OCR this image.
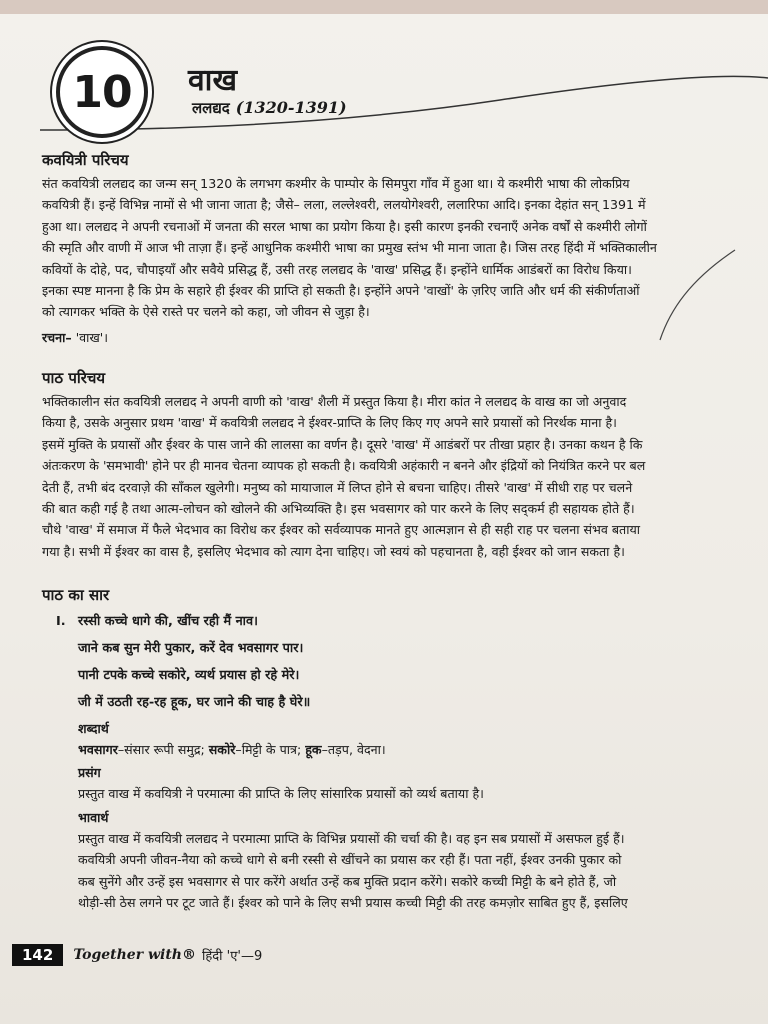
10 वाख
ललद्यद (1320-1391)
कवयित्री परिचय
संत कवयित्री ललद्यद का जन्म सन् 1320 के लगभग कश्मीर के पाम्पोर के सिमपुरा गाँव में हुआ था। ये कश्मीरी भाषा की लोकप्रिय
कवयित्री हैं। इन्हें विभिन्न नामों से भी जाना जाता है; जैसे– लला, लल्लेश्वरी, ललयोगेश्वरी, ललारिफा आदि। इनका देहांत सन् 1391 में
हुआ था। ललद्यद ने अपनी रचनाओं में जनता की सरल भाषा का प्रयोग किया है। इसी कारण इनकी रचनाएँ अनेक वर्षों से कश्मीरी लोगों
की स्मृति और वाणी में आज भी ताज़ा हैं। इन्हें आधुनिक कश्मीरी भाषा का प्रमुख स्तंभ भी माना जाता है। जिस तरह हिंदी में भक्तिकालीन
कवियों के दोहे, पद, चौपाइयाँ और सवैये प्रसिद्ध हैं, उसी तरह ललद्यद के 'वाख' प्रसिद्ध हैं। इन्होंने धार्मिक आडंबरों का विरोध किया।
इनका स्पष्ट मानना है कि प्रेम के सहारे ही ईश्वर की प्राप्ति हो सकती है। इन्होंने अपने 'वाखों' के ज़रिए जाति और धर्म की संकीर्णताओं
को त्यागकर भक्ति के ऐसे रास्ते पर चलने को कहा, जो जीवन से जुड़ा है।
रचना– 'वाख'।
पाठ परिचय
भक्तिकालीन संत कवयित्री ललद्यद ने अपनी वाणी को 'वाख' शैली में प्रस्तुत किया है। मीरा कांत ने ललद्यद के वाख का जो अनुवाद
किया है, उसके अनुसार प्रथम 'वाख' में कवयित्री ललद्यद ने ईश्वर-प्राप्ति के लिए किए गए अपने सारे प्रयासों को निरर्थक माना है।
इसमें मुक्ति के प्रयासों और ईश्वर के पास जाने की लालसा का वर्णन है। दूसरे 'वाख' में आडंबरों पर तीखा प्रहार है। उनका कथन है कि
अंतःकरण के 'समभावी' होने पर ही मानव चेतना व्यापक हो सकती है। कवयित्री अहंकारी न बनने और इंद्रियों को नियंत्रित करने पर बल
देती हैं, तभी बंद दरवाज़े की साँकल खुलेगी। मनुष्य को मायाजाल में लिप्त होने से बचना चाहिए। तीसरे 'वाख' में सीधी राह पर चलने
की बात कही गई है तथा आत्म-लोचन को खोलने की अभिव्यक्ति है। इस भवसागर को पार करने के लिए सद्कर्म ही सहायक होते हैं।
चौथे 'वाख' में समाज में फैले भेदभाव का विरोध कर ईश्वर को सर्वव्यापक मानते हुए आत्मज्ञान से ही सही राह पर चलना संभव बताया
गया है। सभी में ईश्वर का वास है, इसलिए भेदभाव को त्याग देना चाहिए। जो स्वयं को पहचानता है, वही ईश्वर को जान सकता है।
पाठ का सार
I. रस्सी कच्चे धागे की, खींच रही मैं नाव।
जाने कब सुन मेरी पुकार, करें देव भवसागर पार।
पानी टपके कच्चे सकोरे, व्यर्थ प्रयास हो रहे मेरे।
जी में उठती रह-रह हूक, घर जाने की चाह है घेरे॥
शब्दार्थ
भवसागर–संसार रूपी समुद्र; सकोरे–मिट्टी के पात्र; हूक–तड़प, वेदना।
प्रसंग
प्रस्तुत वाख में कवयित्री ने परमात्मा की प्राप्ति के लिए सांसारिक प्रयासों को व्यर्थ बताया है।
भावार्थ
प्रस्तुत वाख में कवयित्री ललद्यद ने परमात्मा प्राप्ति के विभिन्न प्रयासों की चर्चा की है। वह इन सब प्रयासों में असफल हुई हैं।
कवयित्री अपनी जीवन-नैया को कच्चे धागे से बनी रस्सी से खींचने का प्रयास कर रही हैं। पता नहीं, ईश्वर उनकी पुकार को
कब सुनेंगे और उन्हें इस भवसागर से पार करेंगे अर्थात उन्हें कब मुक्ति प्रदान करेंगे। सकोरे कच्ची मिट्टी के बने होते हैं, जो
थोड़ी-सी ठेस लगने पर टूट जाते हैं। ईश्वर को पाने के लिए सभी प्रयास कच्ची मिट्टी की तरह कमज़ोर साबित हुए हैं, इसलिए
142	Together with® हिंदी 'ए'—9
